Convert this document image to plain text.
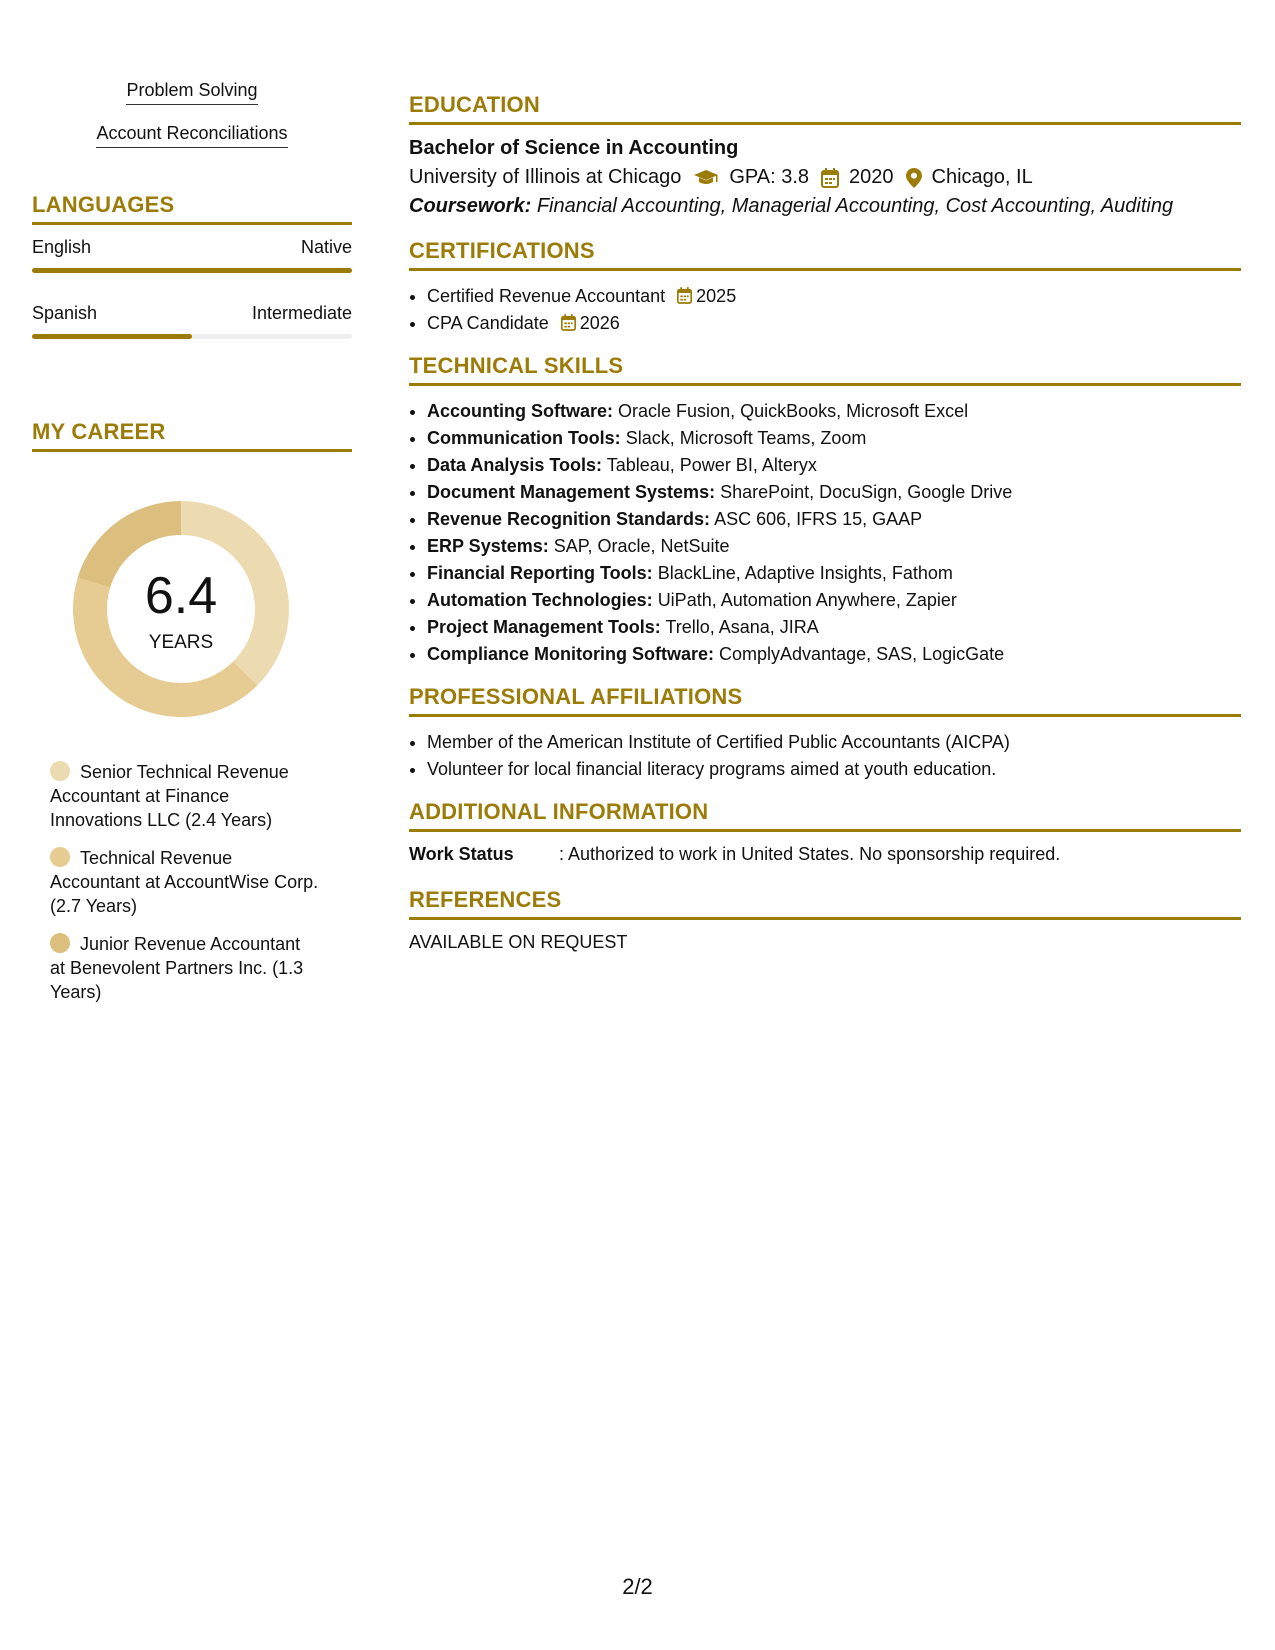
Problem Solving
Account Reconciliations
LANGUAGES
English	Native
Spanish	Intermediate
MY CAREER
6.4
YEARS
Senior Technical Revenue Accountant at Finance Innovations LLC (2.4 Years)
Technical Revenue Accountant at AccountWise Corp. (2.7 Years)
Junior Revenue Accountant at Benevolent Partners Inc. (1.3 Years)
EDUCATION
Bachelor of Science in Accounting
University of Illinois at Chicago GPA: 3.8 2020 Chicago, IL
Coursework: Financial Accounting, Managerial Accounting, Cost Accounting, Auditing
CERTIFICATIONS
• Certified Revenue Accountant 2025
• CPA Candidate 2026
TECHNICAL SKILLS
• Accounting Software: Oracle Fusion, QuickBooks, Microsoft Excel
• Communication Tools: Slack, Microsoft Teams, Zoom
• Data Analysis Tools: Tableau, Power BI, Alteryx
• Document Management Systems: SharePoint, DocuSign, Google Drive
• Revenue Recognition Standards: ASC 606, IFRS 15, GAAP
• ERP Systems: SAP, Oracle, NetSuite
• Financial Reporting Tools: BlackLine, Adaptive Insights, Fathom
• Automation Technologies: UiPath, Automation Anywhere, Zapier
• Project Management Tools: Trello, Asana, JIRA
• Compliance Monitoring Software: ComplyAdvantage, SAS, LogicGate
PROFESSIONAL AFFILIATIONS
• Member of the American Institute of Certified Public Accountants (AICPA)
• Volunteer for local financial literacy programs aimed at youth education.
ADDITIONAL INFORMATION
Work Status	: Authorized to work in United States. No sponsorship required.
REFERENCES
AVAILABLE ON REQUEST
2/2
